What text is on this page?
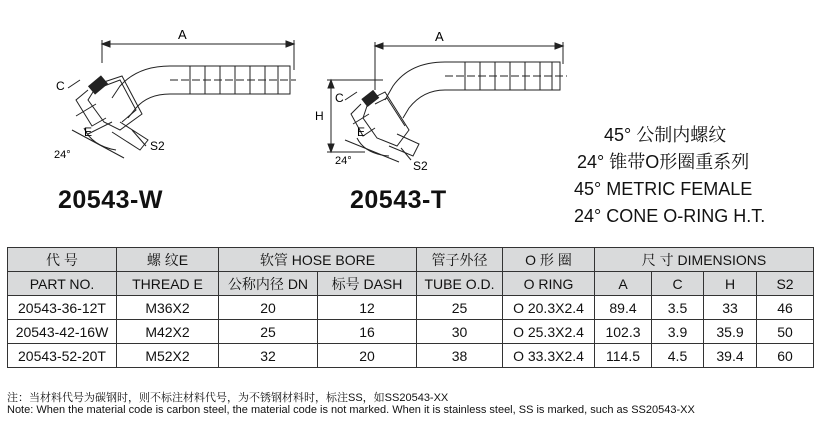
A
C
E
24°
S2
A
H
C
E
24°	S2
20543-W	20543-T
45° 公制内螺纹
24° 锥带O形圈重系列
45° METRIC FEMALE
24° CONE O-RING H.T.
代 号	螺 纹E	软管 HOSE BORE		管子外径	O 形 圈	尺 寸 DIMENSIONS			
PART NO.	THREAD E	公称内径 DN	标号 DASH	TUBE O.D.	O RING	A	C	H	S2
20543-36-12T	M36X2	20	12	25	O 20.3X2.4	89.4	3.5	33	46
20543-42-16W	M42X2	25	16	30	O 25.3X2.4	102.3	3.9	35.9	50
20543-52-20T	M52X2	32	20	38	O 33.3X2.4	114.5	4.5	39.4	60
注：当材料代号为碳钢时，则不标注材料代号，为不锈钢材料时，标注SS，如SS20543-XX
Note: When the material code is carbon steel, the material code is not marked. When it is stainless steel, SS is marked, such as SS20543-XX
